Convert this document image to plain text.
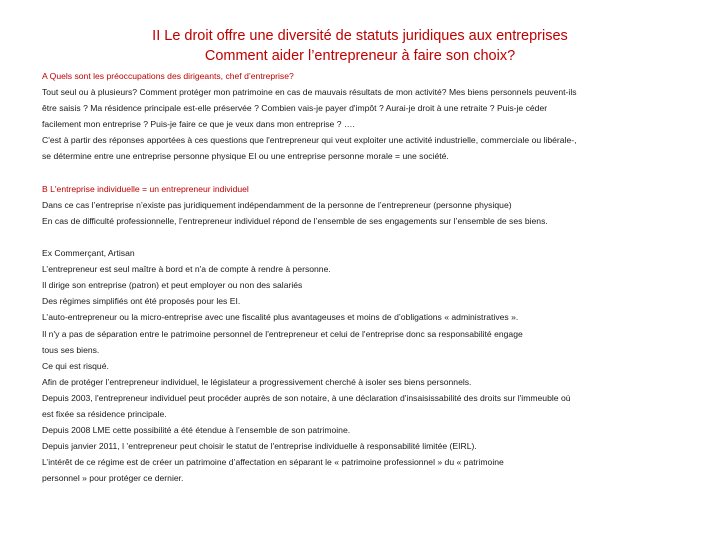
II Le droit offre une diversité de statuts juridiques aux entreprises
Comment aider l’entrepreneur à faire son choix?
A Quels sont les préoccupations des dirigeants, chef d’entreprise?
Tout seul ou à plusieurs? Comment protéger mon patrimoine en cas de mauvais résultats de mon activité? Mes biens personnels peuvent-ils
être saisis ? Ma résidence principale est-elle préservée ? Combien vais-je payer d'impôt ? Aurai-je droit à une retraite ? Puis-je céder
facilement mon entreprise ? Puis-je faire ce que je veux dans mon entreprise ? ….
C'est à partir des réponses apportées à ces questions que l'entrepreneur qui veut exploiter une activité industrielle, commerciale ou libérale-,
se détermine entre une entreprise personne physique EI ou une entreprise personne morale = une société.
B L'entreprise individuelle = un entrepreneur individuel
Dans ce cas l’entreprise n’existe pas juridiquement indépendamment de la personne de l’entrepreneur (personne physique)
En cas de difficulté professionnelle, l’entrepreneur individuel répond de l’ensemble de ses engagements sur l’ensemble de ses biens.
Ex Commerçant, Artisan
L’entrepreneur est seul maître à bord et n'a de compte à rendre à personne.
Il dirige son entreprise (patron) et peut employer ou non des salariés
Des régimes simplifiés ont été proposés pour les EI.
L’auto-entrepreneur ou la micro-entreprise avec une fiscalité plus avantageuses et moins de d’obligations « administratives ».
Il n'y a pas de séparation entre le patrimoine personnel de l'entrepreneur et celui de l'entreprise donc sa responsabilité engage
tous ses biens.
Ce qui est risqué.
Afin de protéger l’entrepreneur individuel, le législateur a progressivement cherché à isoler ses biens personnels.
Depuis 2003, l'entrepreneur individuel peut procéder auprès de son notaire, à une déclaration d'insaisissabilité des droits sur l'immeuble où
est fixée sa résidence principale.
Depuis 2008 LME cette possibilité a été étendue à l’ensemble de son patrimoine.
Depuis janvier 2011, l ’entrepreneur peut choisir le statut de l'entreprise individuelle à responsabilité limitée (EIRL).
L’intérêt de ce régime est de créer un patrimoine d’affectation en séparant le « patrimoine professionnel » du « patrimoine
personnel » pour protéger ce dernier.
